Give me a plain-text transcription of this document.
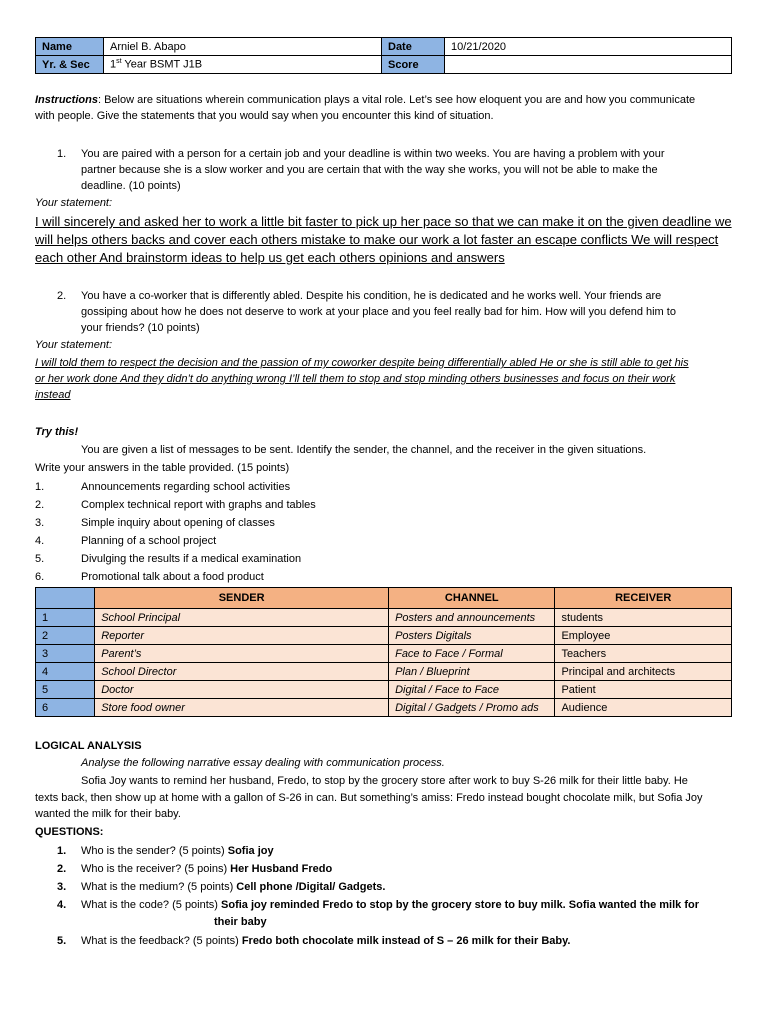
Name	Arniel B. Abapo	Date	10/21/2020
Yr. & Sec	1st Year BSMT J1B	Score	
Instructions: Below are situations wherein communication plays a vital role. Let’s see how eloquent you are and how you communicate
with people. Give the statements that you would say when you encounter this kind of situation.
1.	You are paired with a person for a certain job and your deadline is within two weeks. You are having a problem with your
partner because she is a slow worker and you are certain that with the way she works, you will not be able to make the
deadline. (10 points)
Your statement:
I will sincerely and asked her to work a little bit faster to pick up her pace so that we can make it on the given deadline we
will helps others backs and cover each others mistake to make our work a lot faster an escape conflicts We will respect
each other And brainstorm ideas to help us get each others opinions and answers
2.	You have a co-worker that is differently abled. Despite his condition, he is dedicated and he works well. Your friends are
gossiping about how he does not deserve to work at your place and you feel really bad for him. How will you defend him to
your friends? (10 points)
Your statement:
I will told them to respect the decision and the passion of my coworker despite being differentially abled He or she is still able to get his
or her work done And they didn’t do anything wrong I’ll tell them to stop and stop minding others businesses and focus on their work
instead
Try this!
You are given a list of messages to be sent. Identify the sender, the channel, and the receiver in the given situations.
Write your answers in the table provided. (15 points)
1.	Announcements regarding school activities
2.	Complex technical report with graphs and tables
3.	Simple inquiry about opening of classes
4.	Planning of a school project
5.	Divulging the results if a medical examination
6.	Promotional talk about a food product
	SENDER	CHANNEL	RECEIVER
1	School Principal	Posters and announcements	students
2	Reporter	Posters Digitals	Employee
3	Parent’s	Face to Face / Formal	Teachers
4	School Director	Plan / Blueprint	Principal and architects
5	Doctor	Digital / Face to Face	Patient
6	Store food owner	Digital / Gadgets / Promo ads	Audience
LOGICAL ANALYSIS
Analyse the following narrative essay dealing with communication process.
Sofia Joy wants to remind her husband, Fredo, to stop by the grocery store after work to buy S-26 milk for their little baby. He
texts back, then show up at home with a gallon of S-26 in can. But something’s amiss: Fredo instead bought chocolate milk, but Sofia Joy
wanted the milk for their baby.
QUESTIONS:
1.	Who is the sender? (5 points) Sofia joy
2.	Who is the receiver? (5 poins) Her Husband Fredo
3.	What is the medium? (5 points) Cell phone /Digital/ Gadgets.
4.	What is the code? (5 points) Sofia joy reminded Fredo to stop by the grocery store to buy milk. Sofia wanted the milk for
their baby
5.	What is the feedback? (5 points) Fredo both chocolate milk instead of S – 26 milk for their Baby.
